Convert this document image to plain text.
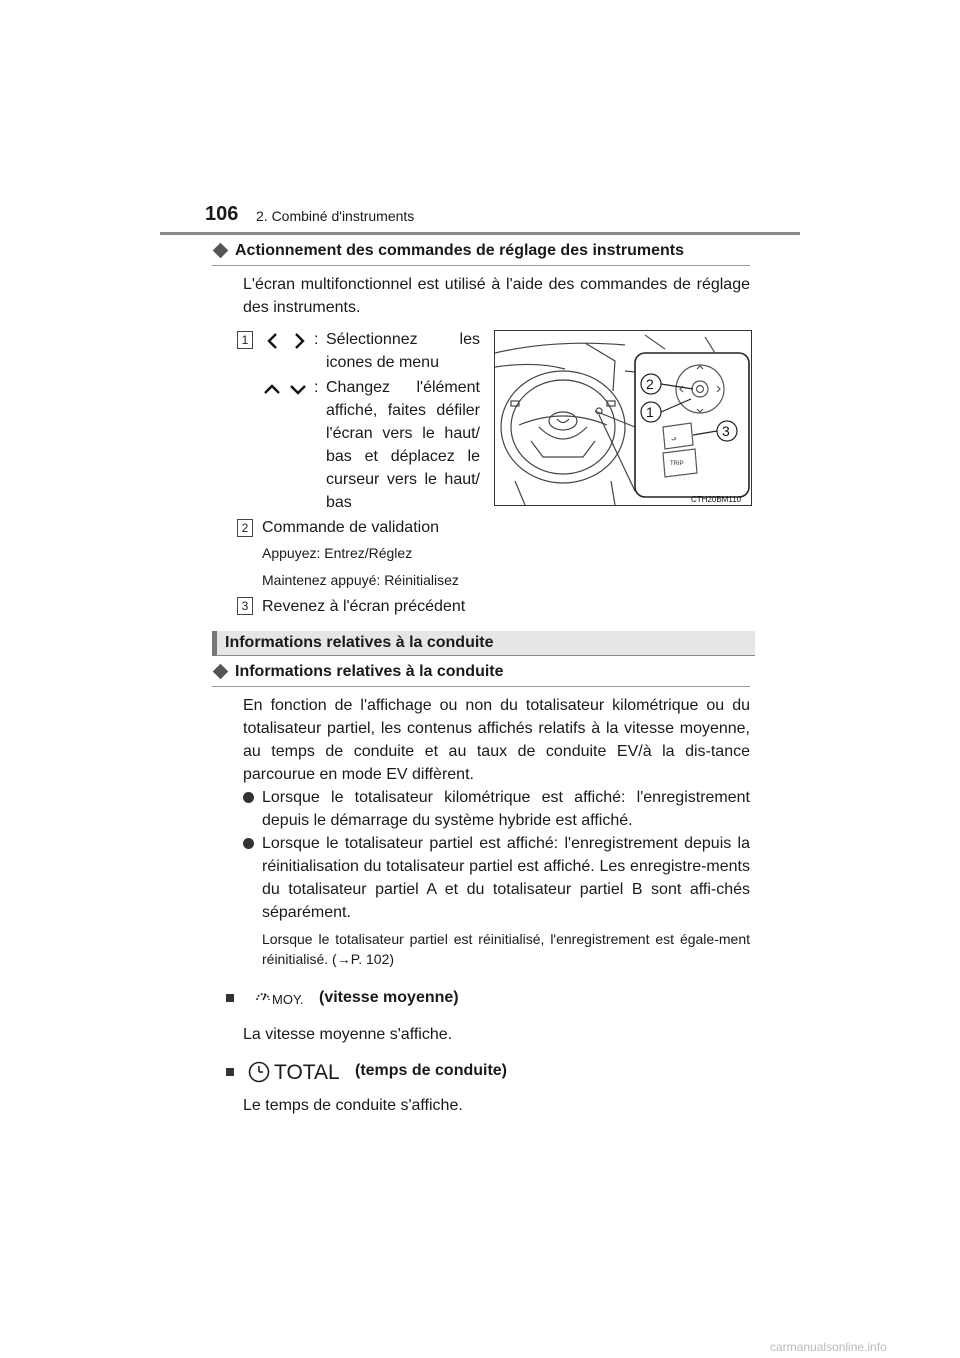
106 2. Combiné d'instruments
Actionnement des commandes de réglage des instruments
L'écran multifonctionnel est utilisé à l'aide des commandes de réglage des instruments.
1	: Sélectionnez les icones de menu
: Changez l'élément affiché, faites défiler l'écran vers le haut/ bas et déplacez le curseur vers le haut/ bas
⮐
TRIP
2
1
3
CTH20BM110
2 Commande de validation
Appuyez: Entrez/Réglez
Maintenez appuyé: Réinitialisez
3 Revenez à l'écran précédent
Informations relatives à la conduite
Informations relatives à la conduite
En fonction de l'affichage ou non du totalisateur kilométrique ou du totalisateur partiel, les contenus affichés relatifs à la vitesse moyenne, au temps de conduite et au taux de conduite EV/à la dis-tance parcourue en mode EV diffèrent.
Lorsque le totalisateur kilométrique est affiché: l'enregistrement depuis le démarrage du système hybride est affiché.
Lorsque le totalisateur partiel est affiché: l'enregistrement depuis la réinitialisation du totalisateur partiel est affiché. Les enregistre-ments du totalisateur partiel A et du totalisateur partiel B sont affi-chés séparément.
Lorsque le totalisateur partiel est réinitialisé, l'enregistrement est égale-ment réinitialisé. (→P. 102)
MOY. (vitesse moyenne)
La vitesse moyenne s'affiche.
TOTAL (temps de conduite)
Le temps de conduite s'affiche.
carmanualsonline.info
